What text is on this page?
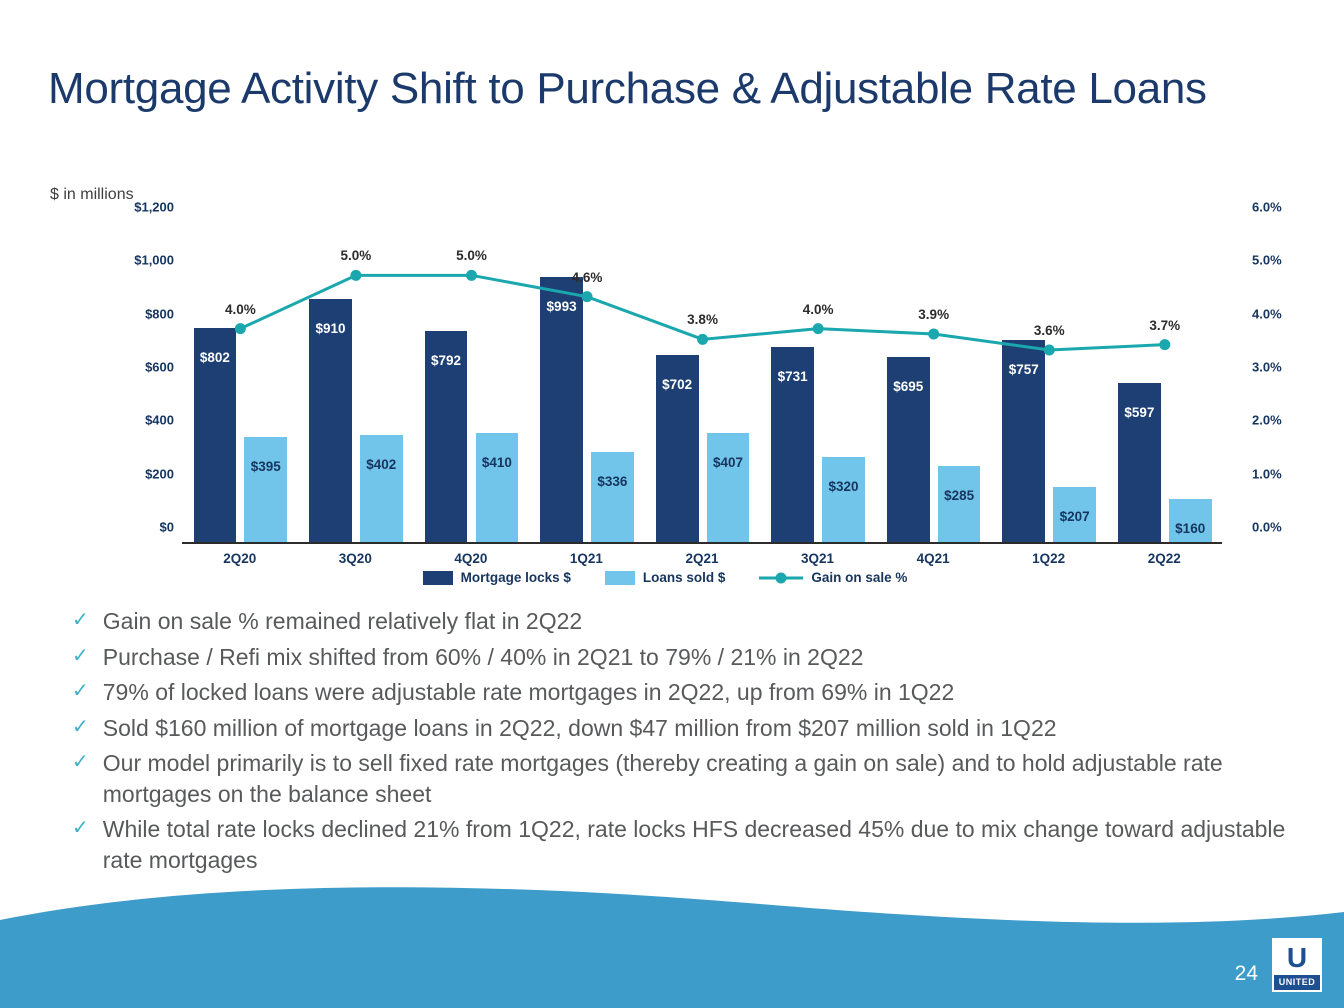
Mortgage Activity Shift to Purchase & Adjustable Rate Loans
$ in millions
$0
$200
$400
$600
$800
$1,000
$1,200
0.0%
1.0%
2.0%
3.0%
4.0%
5.0%
6.0%
$802
$395
2Q20
$910
$402
3Q20
$792
$410
4Q20
$993
$336
1Q21
$702
$407
2Q21
$731
$320
3Q21
$695
$285
4Q21
$757
$207
1Q22
$597
$160
2Q22
4.0%
5.0%	5.0%
4.6%
3.8%
4.0%	3.9%
3.6%	3.7%
Mortgage locks $	Loans sold $	Gain on sale %
✓ Gain on sale % remained relatively flat in 2Q22
✓ Purchase / Refi mix shifted from 60% / 40% in 2Q21 to 79% / 21% in 2Q22
✓ 79% of locked loans were adjustable rate mortgages in 2Q22, up from 69% in 1Q22
✓ Sold $160 million of mortgage loans in 2Q22, down $47 million from $207 million sold in 1Q22
✓ Our model primarily is to sell fixed rate mortgages (thereby creating a gain on sale) and to hold adjustable rate mortgages on the balance sheet
✓ While total rate locks declined 21% from 1Q22, rate locks HFS decreased 45% due to mix change toward adjustable rate mortgages
24
U
UNITED
